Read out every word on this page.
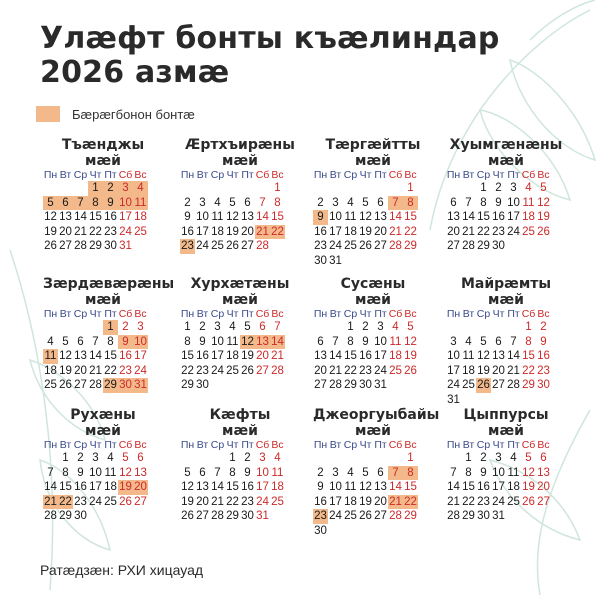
Улæфт бонты къæлиндар
2026 азмæ
Бæрæгбонон бонтæ
Тъæнджы
мæй
Пн Вт Ср Чт Пт Сб Вс
1 2 3 4
5 6 7 8 9 10 11
12 13 14 15 16 17 18
19 20 21 22 23 24 25
26 27 28 29 30 31
Æртхъирæны
мæй
Пн Вт Ср Чт Пт Сб Вс
1
2 3 4 5 6 7 8
9 10 11 12 13 14 15
16 17 18 19 20 21 22
23 24 25 26 27 28
Тæргæйтты
мæй
Пн Вт Ср Чт Пт Сб Вс
1
2 3 4 5 6 7 8
9 10 11 12 13 14 15
16 17 18 19 20 21 22
23 24 25 26 27 28 29
30 31
Хуымгæнæны
мæй
Пн Вт Ср Чт Пт Сб Вс
1 2 3 4 5
6 7 8 9 10 11 12
13 14 15 16 17 18 19
20 21 22 23 24 25 26
27 28 29 30
Зæрдæвæрæны
мæй
Пн Вт Ср Чт Пт Сб Вс
1 2 3
4 5 6 7 8 9 10
11 12 13 14 15 16 17
18 19 20 21 22 23 24
25 26 27 28 29 30 31
Хурхæтæны
мæй
Пн Вт Ср Чт Пт Сб Вс
1 2 3 4 5 6 7
8 9 10 11 12 13 14
15 16 17 18 19 20 21
22 23 24 25 26 27 28
29 30
Сусæны
мæй
Пн Вт Ср Чт Пт Сб Вс
1 2 3 4 5
6 7 8 9 10 11 12
13 14 15 16 17 18 19
20 21 22 23 24 25 26
27 28 29 30 31
Майрæмты
мæй
Пн Вт Ср Чт Пт Сб Вс
1 2
3 4 5 6 7 8 9
10 11 12 13 14 15 16
17 18 19 20 21 22 23
24 25 26 27 28 29 30
31
Рухæны
мæй
Пн Вт Ср Чт Пт Сб Вс
1 2 3 4 5 6
7 8 9 10 11 12 13
14 15 16 17 18 19 20
21 22 23 24 25 26 27
28 29 30
Кæфты
мæй
Пн Вт Ср Чт Пт Сб Вс
1 2 3 4
5 6 7 8 9 10 11
12 13 14 15 16 17 18
19 20 21 22 23 24 25
26 27 28 29 30 31
Джеоргуыбайы
мæй
Пн Вт Ср Чт Пт Сб Вс
1
2 3 4 5 6 7 8
9 10 11 12 13 14 15
16 17 18 19 20 21 22
23 24 25 26 27 28 29
30
Цыппурсы
мæй
Пн Вт Ср Чт Пт Сб Вс
1 2 3 4 5 6
7 8 9 10 11 12 13
14 15 16 17 18 19 20
21 22 23 24 25 26 27
28 29 30 31
Ратæдзæн: РХИ хицауад
